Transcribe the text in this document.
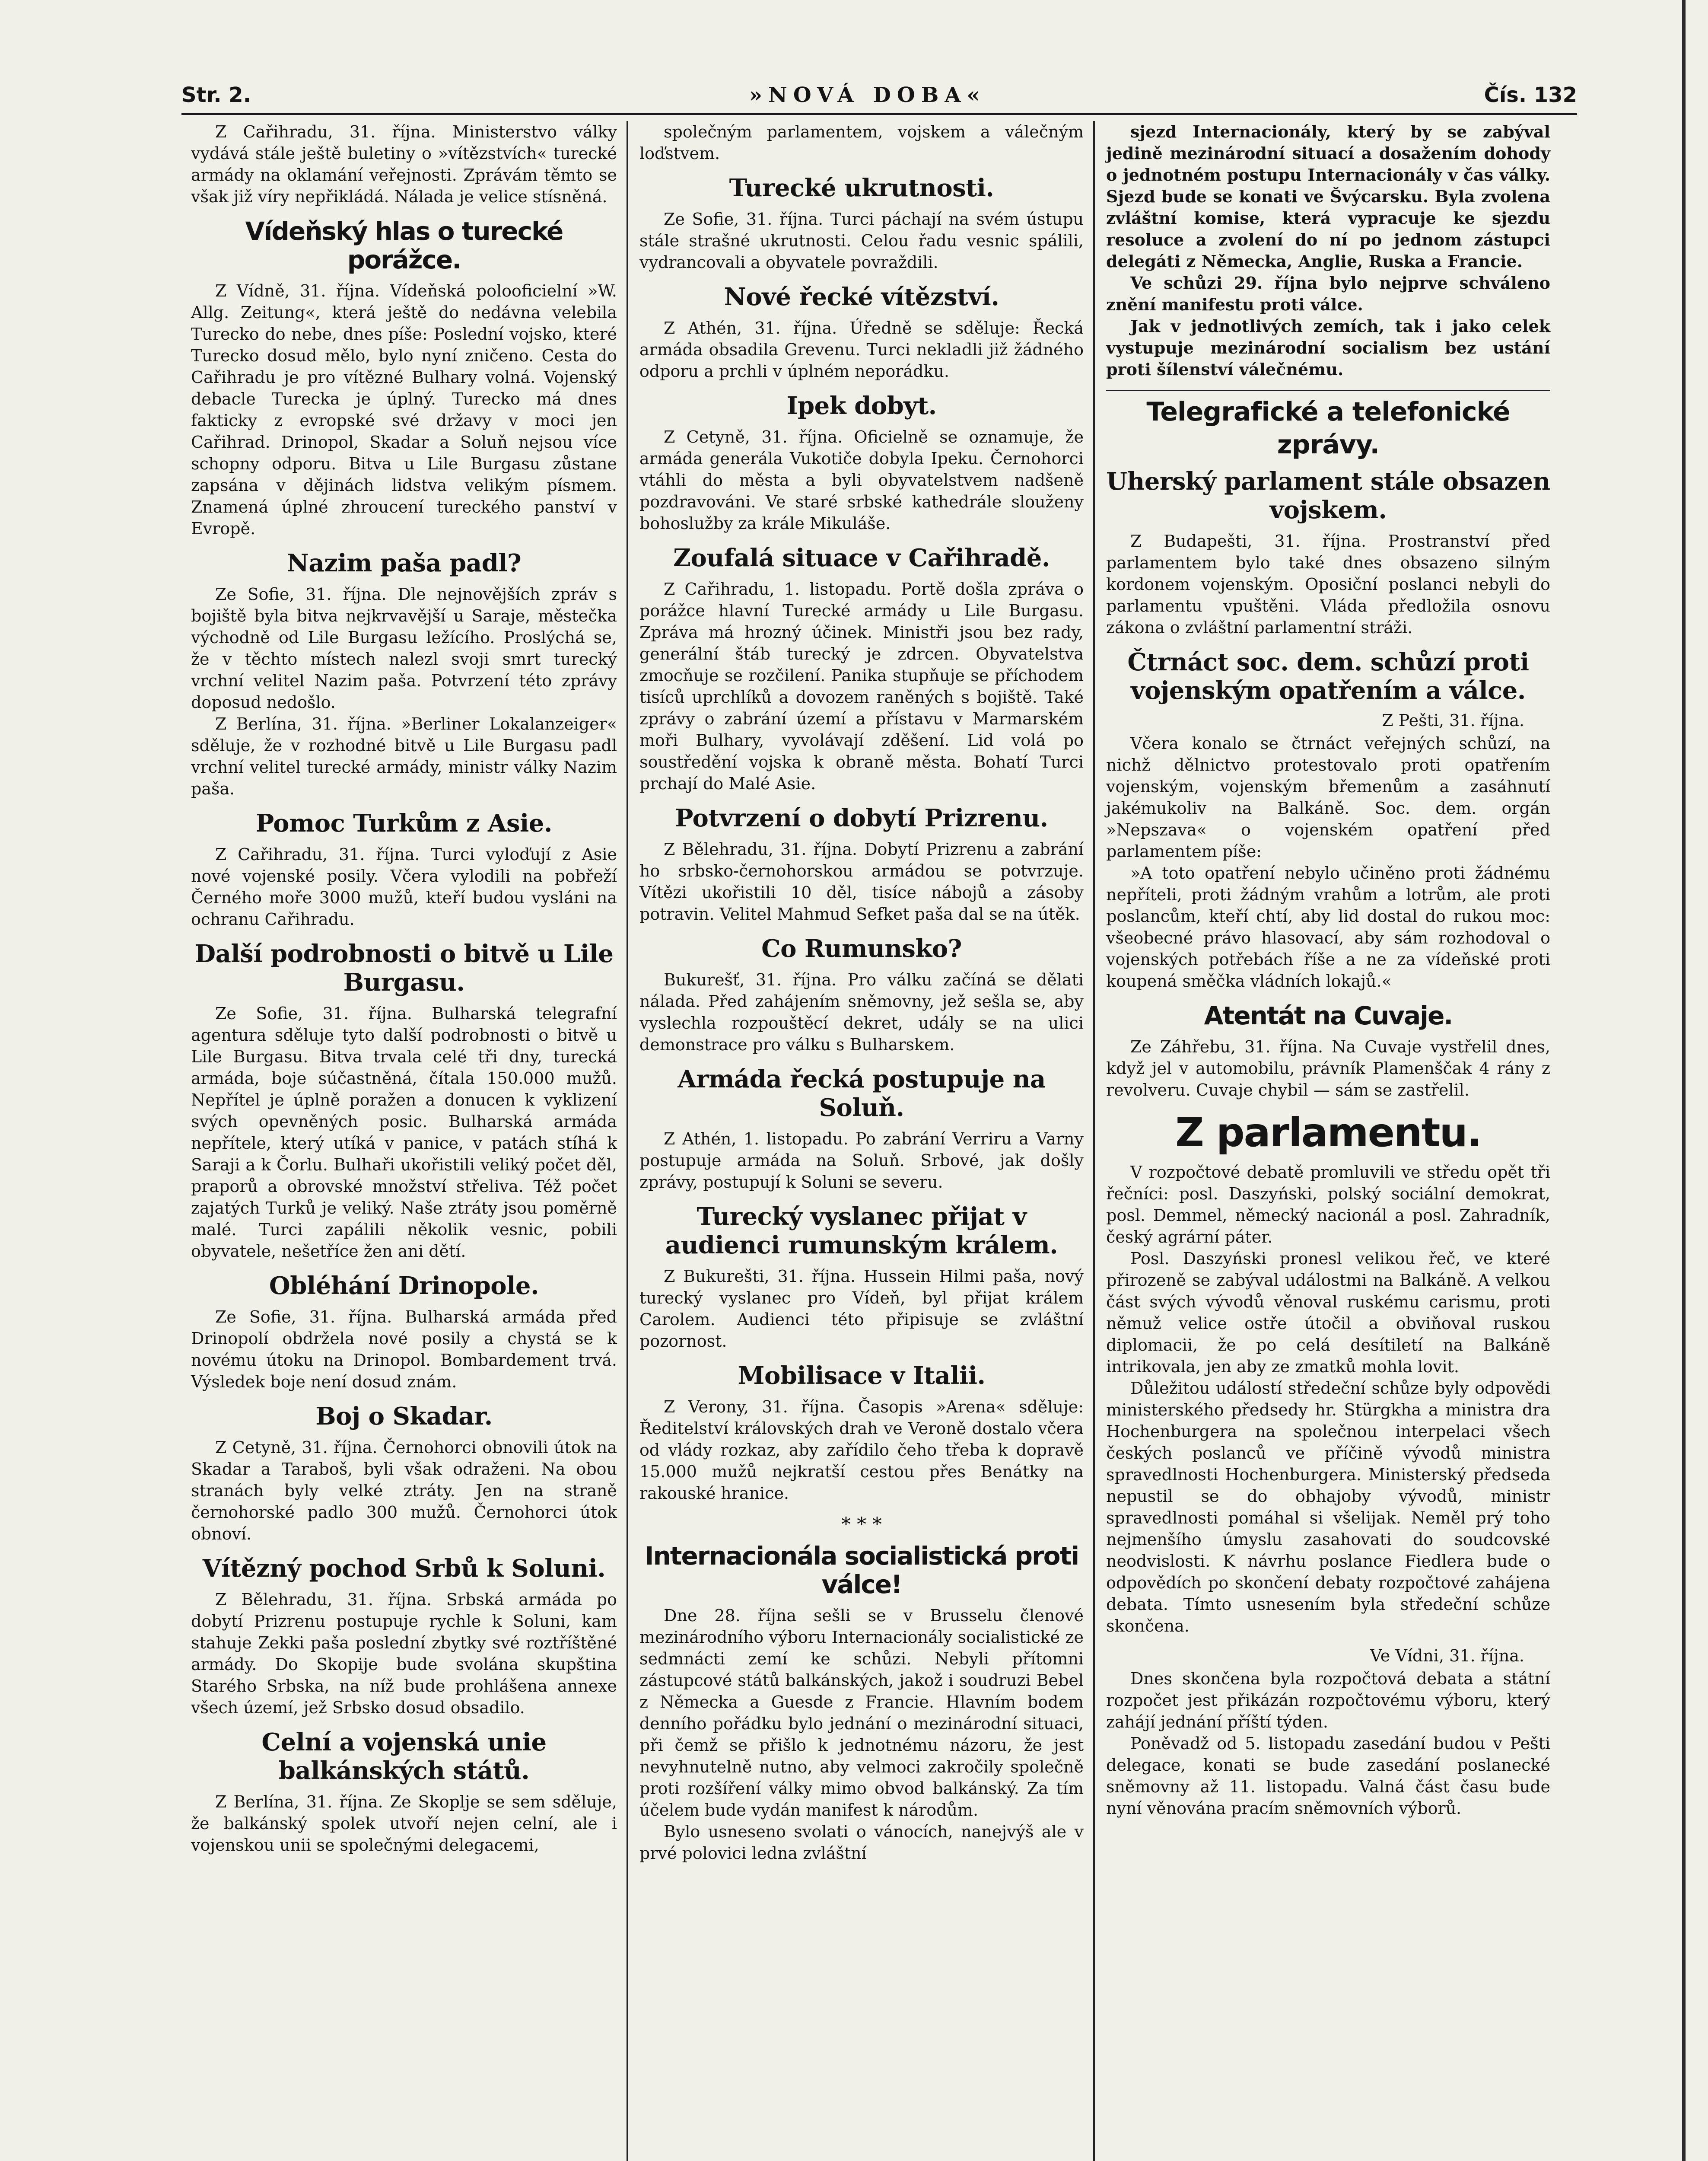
Str. 2.	»NOVÁ DOBA«	Čís. 132

Z Cařihradu, 31. října. Ministerstvo války vydává stále ještě buletiny o »vítězstvích« turecké armády na oklamání veřejnosti. Zprávám těmto se však již víry nepřikládá. Nálada je velice stísněná.

Vídeňský hlas o turecké porážce.

Z Vídně, 31. října. Vídeňská polooficielní »W. Allg. Zeitung«, která ještě do nedávna velebila Turecko do nebe, dnes píše: Poslední vojsko, které Turecko dosud mělo, bylo nyní zničeno. Cesta do Cařihradu je pro vítězné Bulhary volná. Vojenský debacle Turecka je úplný. Turecko má dnes fakticky z evropské své državy v moci jen Cařihrad. Drinopol, Skadar a Soluň nejsou více schopny odporu. Bitva u Lile Burgasu zůstane zapsána v dějinách lidstva velikým písmem. Znamená úplné zhroucení tureckého panství v Evropě.

Nazim paša padl?

Ze Sofie, 31. října. Dle nejnovějších zpráv s bojiště byla bitva nejkrvavější u Saraje, městečka východně od Lile Burgasu ležícího. Proslýchá se, že v těchto místech nalezl svoji smrt turecký vrchní velitel Nazim paša. Potvrzení této zprávy doposud nedošlo.

Z Berlína, 31. října. »Berliner Lokalanzeiger« sděluje, že v rozhodné bitvě u Lile Burgasu padl vrchní velitel turecké armády, ministr války Nazim paša.

Pomoc Turkům z Asie.

Z Cařihradu, 31. října. Turci vyloďují z Asie nové vojenské posily. Včera vylodili na pobřeží Černého moře 3000 mužů, kteří budou vysláni na ochranu Cařihradu.

Další podrobnosti o bitvě u Lile Burgasu.

Ze Sofie, 31. října. Bulharská telegrafní agentura sděluje tyto další podrobnosti o bitvě u Lile Burgasu. Bitva trvala celé tři dny, turecká armáda, boje súčastněná, čítala 150.000 mužů. Nepřítel je úplně poražen a donucen k vyklizení svých opevněných posic. Bulharská armáda nepřítele, který utíká v panice, v patách stíhá k Saraji a k Čorlu. Bulhaři ukořistili veliký počet děl, praporů a obrovské množství střeliva. Též počet zajatých Turků je veliký. Naše ztráty jsou poměrně malé. Turci zapálili několik vesnic, pobili obyvatele, nešetříce žen ani dětí.

Obléhání Drinopole.

Ze Sofie, 31. října. Bulharská armáda před Drinopolí obdržela nové posily a chystá se k novému útoku na Drinopol. Bombardement trvá. Výsledek boje není dosud znám.

Boj o Skadar.

Z Cetyně, 31. října. Černohorci obnovili útok na Skadar a Taraboš, byli však odraženi. Na obou stranách byly velké ztráty. Jen na straně černohorské padlo 300 mužů. Černohorci útok obnoví.

Vítězný pochod Srbů k Soluni.

Z Bělehradu, 31. října. Srbská armáda po dobytí Prizrenu postupuje rychle k Soluni, kam stahuje Zekki paša poslední zbytky své roztříštěné armády. Do Skopije bude svolána skupština Starého Srbska, na níž bude prohlášena annexe všech území, jež Srbsko dosud obsadilo.

Celní a vojenská unie balkánských států.

Z Berlína, 31. října. Ze Skoplje se sem sděluje, že balkánský spolek utvoří nejen celní, ale i vojenskou unii se společnými delegacemi,

společným parlamentem, vojskem a válečným loďstvem.

Turecké ukrutnosti.

Ze Sofie, 31. října. Turci páchají na svém ústupu stále strašné ukrutnosti. Celou řadu vesnic spálili, vydrancovali a obyvatele povraždili.

Nové řecké vítězství.

Z Athén, 31. října. Úředně se sděluje: Řecká armáda obsadila Grevenu. Turci nekladli již žádného odporu a prchli v úplném neporádku.

Ipek dobyt.

Z Cetyně, 31. října. Oficielně se oznamuje, že armáda generála Vukotiče dobyla Ipeku. Černohorci vtáhli do města a byli obyvatelstvem nadšeně pozdravováni. Ve staré srbské kathedrále slouženy bohoslužby za krále Mikuláše.

Zoufalá situace v Cařihradě.

Z Cařihradu, 1. listopadu. Portě došla zpráva o porážce hlavní Turecké armády u Lile Burgasu. Zpráva má hrozný účinek. Ministři jsou bez rady, generální štáb turecký je zdrcen. Obyvatelstva zmocňuje se rozčilení. Panika stupňuje se příchodem tisíců uprchlíků a dovozem raněných s bojiště. Také zprávy o zabrání území a přístavu v Marmarském moři Bulhary, vyvolávají zděšení. Lid volá po soustředění vojska k obraně města. Bohatí Turci prchají do Malé Asie.

Potvrzení o dobytí Prizrenu.

Z Bělehradu, 31. října. Dobytí Prizrenu a zabrání ho srbsko-černohorskou armádou se potvrzuje. Vítězi ukořistili 10 děl, tisíce nábojů a zásoby potravin. Velitel Mahmud Sefket paša dal se na útěk.

Co Rumunsko?

Bukurešť, 31. října. Pro válku začíná se dělati nálada. Před zahájením sněmovny, jež sešla se, aby vyslechla rozpouštěcí dekret, udály se na ulici demonstrace pro válku s Bulharskem.

Armáda řecká postupuje na Soluň.

Z Athén, 1. listopadu. Po zabrání Verriru a Varny postupuje armáda na Soluň. Srbové, jak došly zprávy, postupují k Soluni se severu.

Turecký vyslanec přijat v audienci rumunským králem.

Z Bukurešti, 31. října. Hussein Hilmi paša, nový turecký vyslanec pro Vídeň, byl přijat králem Carolem. Audienci této připisuje se zvláštní pozornost.

Mobilisace v Italii.

Z Verony, 31. října. Časopis »Arena« sděluje: Ředitelství královských drah ve Veroně dostalo včera od vlády rozkaz, aby zařídilo čeho třeba k dopravě 15.000 mužů nejkratší cestou přes Benátky na rakouské hranice.

* * *
Internacionála socialistická proti válce!

Dne 28. října sešli se v Brusselu členové mezinárodního výboru Internacionály socialistické ze sedmnácti zemí ke schůzi. Nebyli přítomni zástupcové států balkánských, jakož i soudruzi Bebel z Německa a Guesde z Francie. Hlavním bodem denního pořádku bylo jednání o mezinárodní situaci, při čemž se přišlo k jednotnému názoru, že jest nevyhnutelně nutno, aby velmoci zakročily společně proti rozšíření války mimo obvod balkánský. Za tím účelem bude vydán manifest k národům.

Bylo usneseno svolati o vánocích, nanejvýš ale v prvé polovici ledna zvláštní

sjezd Internacionály, který by se zabýval jedině mezinárodní situací a dosažením dohody o jednotném postupu Internacionály v čas války. Sjezd bude se konati ve Švýcarsku. Byla zvolena zvláštní komise, která vypracuje ke sjezdu resoluce a zvolení do ní po jednom zástupci delegáti z Německa, Anglie, Ruska a Francie.

Ve schůzi 29. října bylo nejprve schváleno znění manifestu proti válce.

Jak v jednotlivých zemích, tak i jako celek vystupuje mezinárodní socialism bez ustání proti šílenství válečnému.

Telegrafické a telefonické zprávy.
Uherský parlament stále obsazen vojskem.

Z Budapešti, 31. října. Prostranství před parlamentem bylo také dnes obsazeno silným kordonem vojenským. Oposiční poslanci nebyli do parlamentu vpuštěni. Vláda předložila osnovu zákona o zvláštní parlamentní stráži.

Čtrnáct soc. dem. schůzí proti vojenským opatřením a válce.
Z Pešti, 31. října.

Včera konalo se čtrnáct veřejných schůzí, na nichž dělnictvo protestovalo proti opatřením vojenským, vojenským břemenům a zasáhnutí jakémukoliv na Balkáně. Soc. dem. orgán »Nepszava« o vojenském opatření před parlamentem píše:

»A toto opatření nebylo učiněno proti žádnému nepříteli, proti žádným vrahům a lotrům, ale proti poslancům, kteří chtí, aby lid dostal do rukou moc: všeobecné právo hlasovací, aby sám rozhodoval o vojenských potřebách říše a ne za vídeňské proti koupená směčka vládních lokajů.«

Atentát na Cuvaje.

Ze Záhřebu, 31. října. Na Cuvaje vystřelil dnes, když jel v automobilu, právník Plamenščak 4 rány z revolveru. Cuvaje chybil — sám se zastřelil.

Z parlamentu.

V rozpočtové debatě promluvili ve středu opět tři řečníci: posl. Daszyński, polský sociální demokrat, posl. Demmel, německý nacionál a posl. Zahradník, český agrární páter.

Posl. Daszyński pronesl velikou řeč, ve které přirozeně se zabýval událostmi na Balkáně. A velkou část svých vývodů věnoval ruskému carismu, proti němuž velice ostře útočil a obviňoval ruskou diplomacii, že po celá desítiletí na Balkáně intrikovala, jen aby ze zmatků mohla lovit.

Důležitou událostí středeční schůze byly odpovědi ministerského předsedy hr. Stürgkha a ministra dra Hochenburgera na společnou interpelaci všech českých poslanců ve příčině vývodů ministra spravedlnosti Hochenburgera. Ministerský předseda nepustil se do obhajoby vývodů, ministr spravedlnosti pomáhal si všelijak. Neměl prý toho nejmenšího úmyslu zasahovati do soudcovské neodvislosti. K návrhu poslance Fiedlera bude o odpovědích po skončení debaty rozpočtové zahájena debata. Tímto usnesením byla středeční schůze skončena.

Ve Vídni, 31. října.

Dnes skončena byla rozpočtová debata a státní rozpočet jest přikázán rozpočtovému výboru, který zahájí jednání příští týden.

Poněvadž od 5. listopadu zasedání budou v Pešti delegace, konati se bude zasedání poslanecké sněmovny až 11. listopadu. Valná část času bude nyní věnována pracím sněmovních výborů.
